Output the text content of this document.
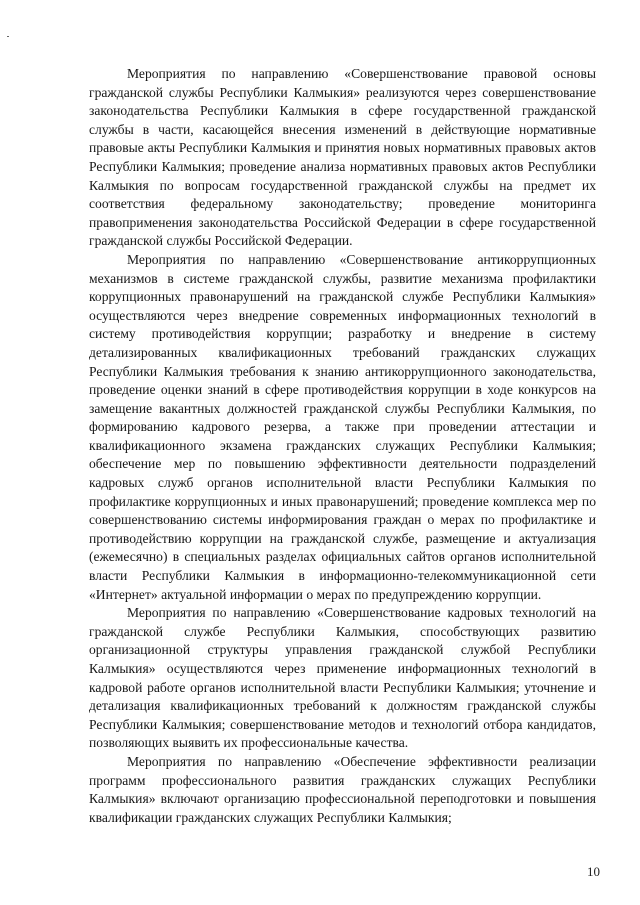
Мероприятия по направлению «Совершенствование правовой основы гражданской службы Республики Калмыкия» реализуются через совершенствование законодательства Республики Калмыкия в сфере государственной гражданской службы в части, касающейся внесения изменений в действующие нормативные правовые акты Республики Калмыкия и принятия новых нормативных правовых актов Республики Калмыкия; проведение анализа нормативных правовых актов Республики Калмыкия по вопросам государственной гражданской службы на предмет их соответствия федеральному законодательству; проведение мониторинга правоприменения законодательства Российской Федерации в сфере государственной гражданской службы Российской Федерации.

Мероприятия по направлению «Совершенствование антикоррупционных механизмов в системе гражданской службы, развитие механизма профилактики коррупционных правонарушений на гражданской службе Республики Калмыкия» осуществляются через внедрение современных информационных технологий в систему противодействия коррупции; разработку и внедрение в систему детализированных квалификационных требований гражданских служащих Республики Калмыкия требования к знанию антикоррупционного законодательства, проведение оценки знаний в сфере противодействия коррупции в ходе конкурсов на замещение вакантных должностей гражданской службы Республики Калмыкия, по формированию кадрового резерва, а также при проведении аттестации и квалификационного экзамена гражданских служащих Республики Калмыкия; обеспечение мер по повышению эффективности деятельности подразделений кадровых служб органов исполнительной власти Республики Калмыкия по профилактике коррупционных и иных правонарушений; проведение комплекса мер по совершенствованию системы информирования граждан о мерах по профилактике и противодействию коррупции на гражданской службе, размещение и актуализация (ежемесячно) в специальных разделах официальных сайтов органов исполнительной власти Республики Калмыкия в информационно-телекоммуникационной сети «Интернет» актуальной информации о мерах по предупреждению коррупции.

Мероприятия по направлению «Совершенствование кадровых технологий на гражданской службе Республики Калмыкия, способствующих развитию организационной структуры управления гражданской службой Республики Калмыкия» осуществляются через применение информационных технологий в кадровой работе органов исполнительной власти Республики Калмыкия; уточнение и детализация квалификационных требований к должностям гражданской службы Республики Калмыкия; совершенствование методов и технологий отбора кандидатов, позволяющих выявить их профессиональные качества.

Мероприятия по направлению «Обеспечение эффективности реализации программ профессионального развития гражданских служащих Республики Калмыкия» включают организацию профессиональной переподготовки и повышения квалификации гражданских служащих Республики Калмыкия;

10
